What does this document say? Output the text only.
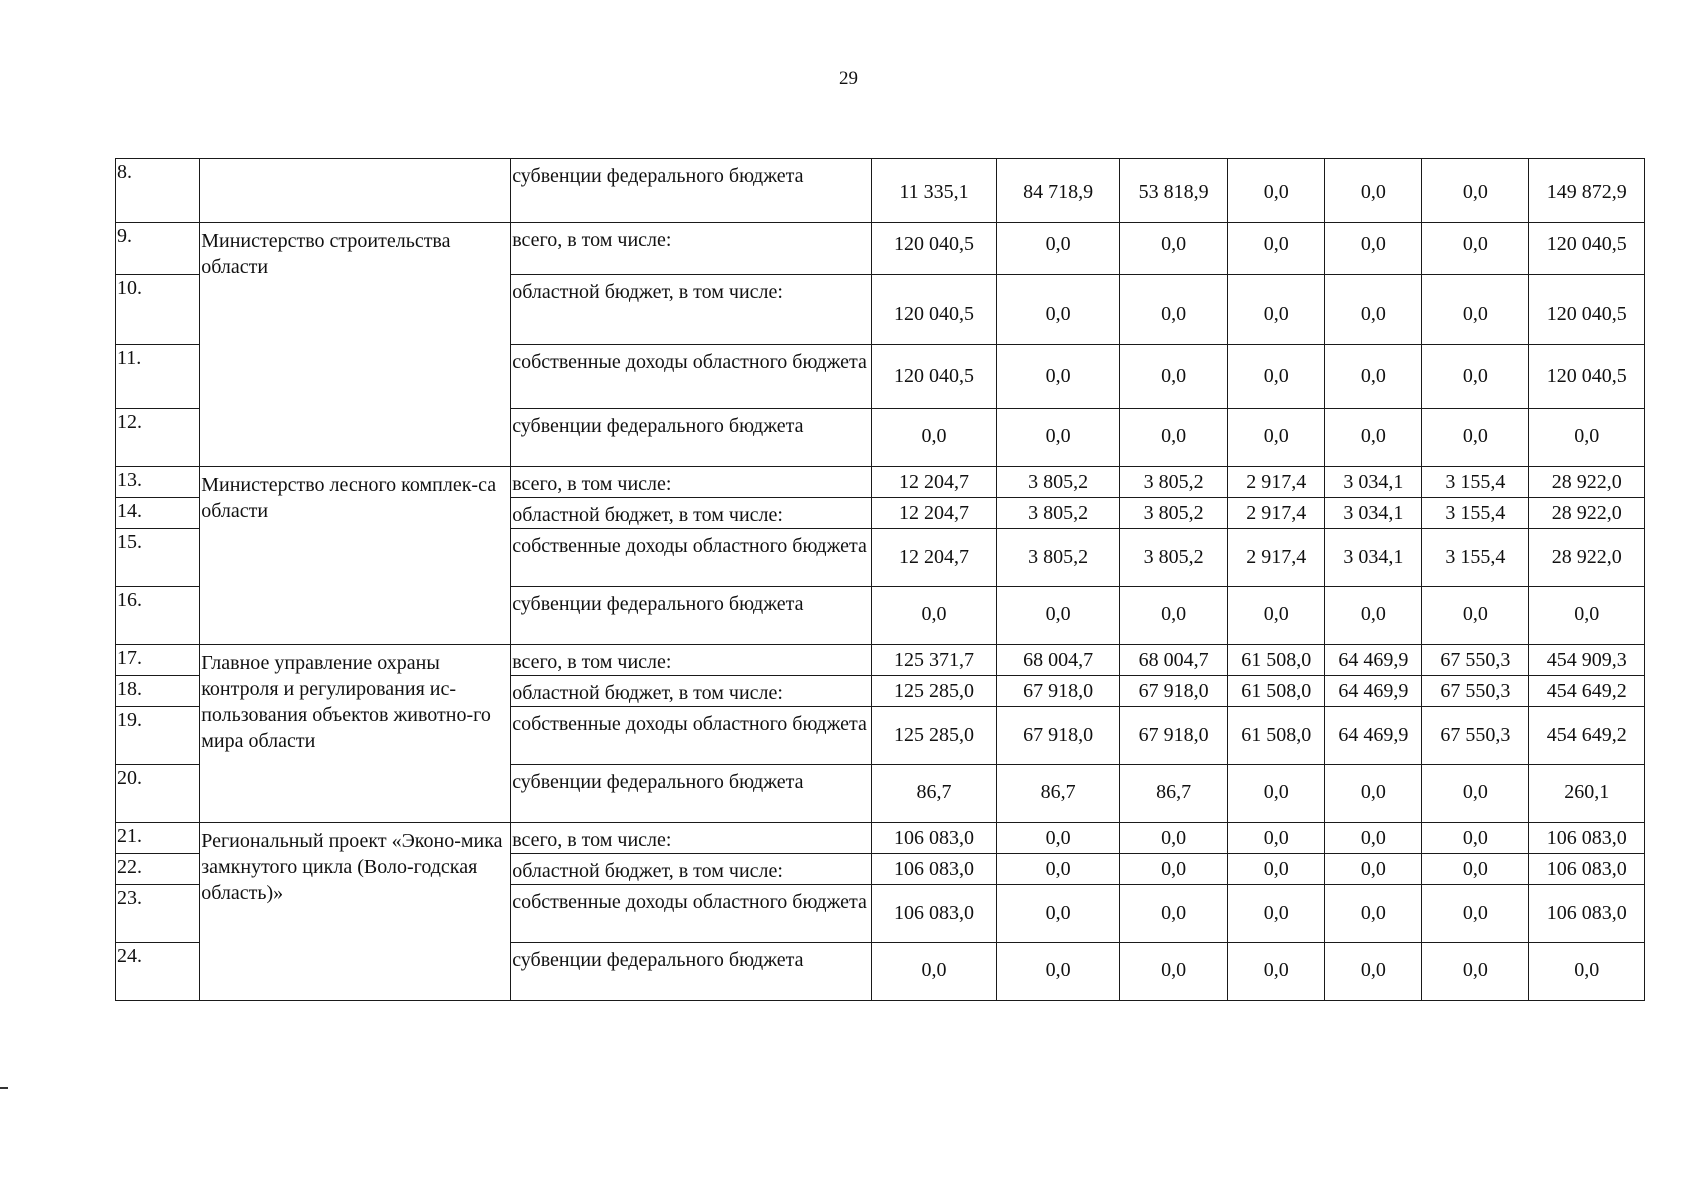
29
8.		субвенции федерального бюджета	11 335,1	84 718,9	53 818,9	0,0	0,0	0,0	149 872,9
9.	Министерство строительства области	всего, в том числе:	120 040,5	0,0	0,0	0,0	0,0	0,0	120 040,5
10.		областной бюджет, в том числе:	120 040,5	0,0	0,0	0,0	0,0	0,0	120 040,5
11.		собственные доходы областного бюджета	120 040,5	0,0	0,0	0,0	0,0	0,0	120 040,5
12.		субвенции федерального бюджета	0,0	0,0	0,0	0,0	0,0	0,0	0,0
13.	Министерство лесного комплек-са области	всего, в том числе:	12 204,7	3 805,2	3 805,2	2 917,4	3 034,1	3 155,4	28 922,0
14.		областной бюджет, в том числе:	12 204,7	3 805,2	3 805,2	2 917,4	3 034,1	3 155,4	28 922,0
15.		собственные доходы областного бюджета	12 204,7	3 805,2	3 805,2	2 917,4	3 034,1	3 155,4	28 922,0
16.		субвенции федерального бюджета	0,0	0,0	0,0	0,0	0,0	0,0	0,0
17.	Главное управление охраны контроля и регулирования ис-пользования объектов животно-го мира области	всего, в том числе:	125 371,7	68 004,7	68 004,7	61 508,0	64 469,9	67 550,3	454 909,3
18.		областной бюджет, в том числе:	125 285,0	67 918,0	67 918,0	61 508,0	64 469,9	67 550,3	454 649,2
19.		собственные доходы областного бюджета	125 285,0	67 918,0	67 918,0	61 508,0	64 469,9	67 550,3	454 649,2
20.		субвенции федерального бюджета	86,7	86,7	86,7	0,0	0,0	0,0	260,1
21.	Региональный проект «Эконо-мика замкнутого цикла (Воло-годская область)»	всего, в том числе:	106 083,0	0,0	0,0	0,0	0,0	0,0	106 083,0
22.		областной бюджет, в том числе:	106 083,0	0,0	0,0	0,0	0,0	0,0	106 083,0
23.		собственные доходы областного бюджета	106 083,0	0,0	0,0	0,0	0,0	0,0	106 083,0
24.		субвенции федерального бюджета	0,0	0,0	0,0	0,0	0,0	0,0	0,0
